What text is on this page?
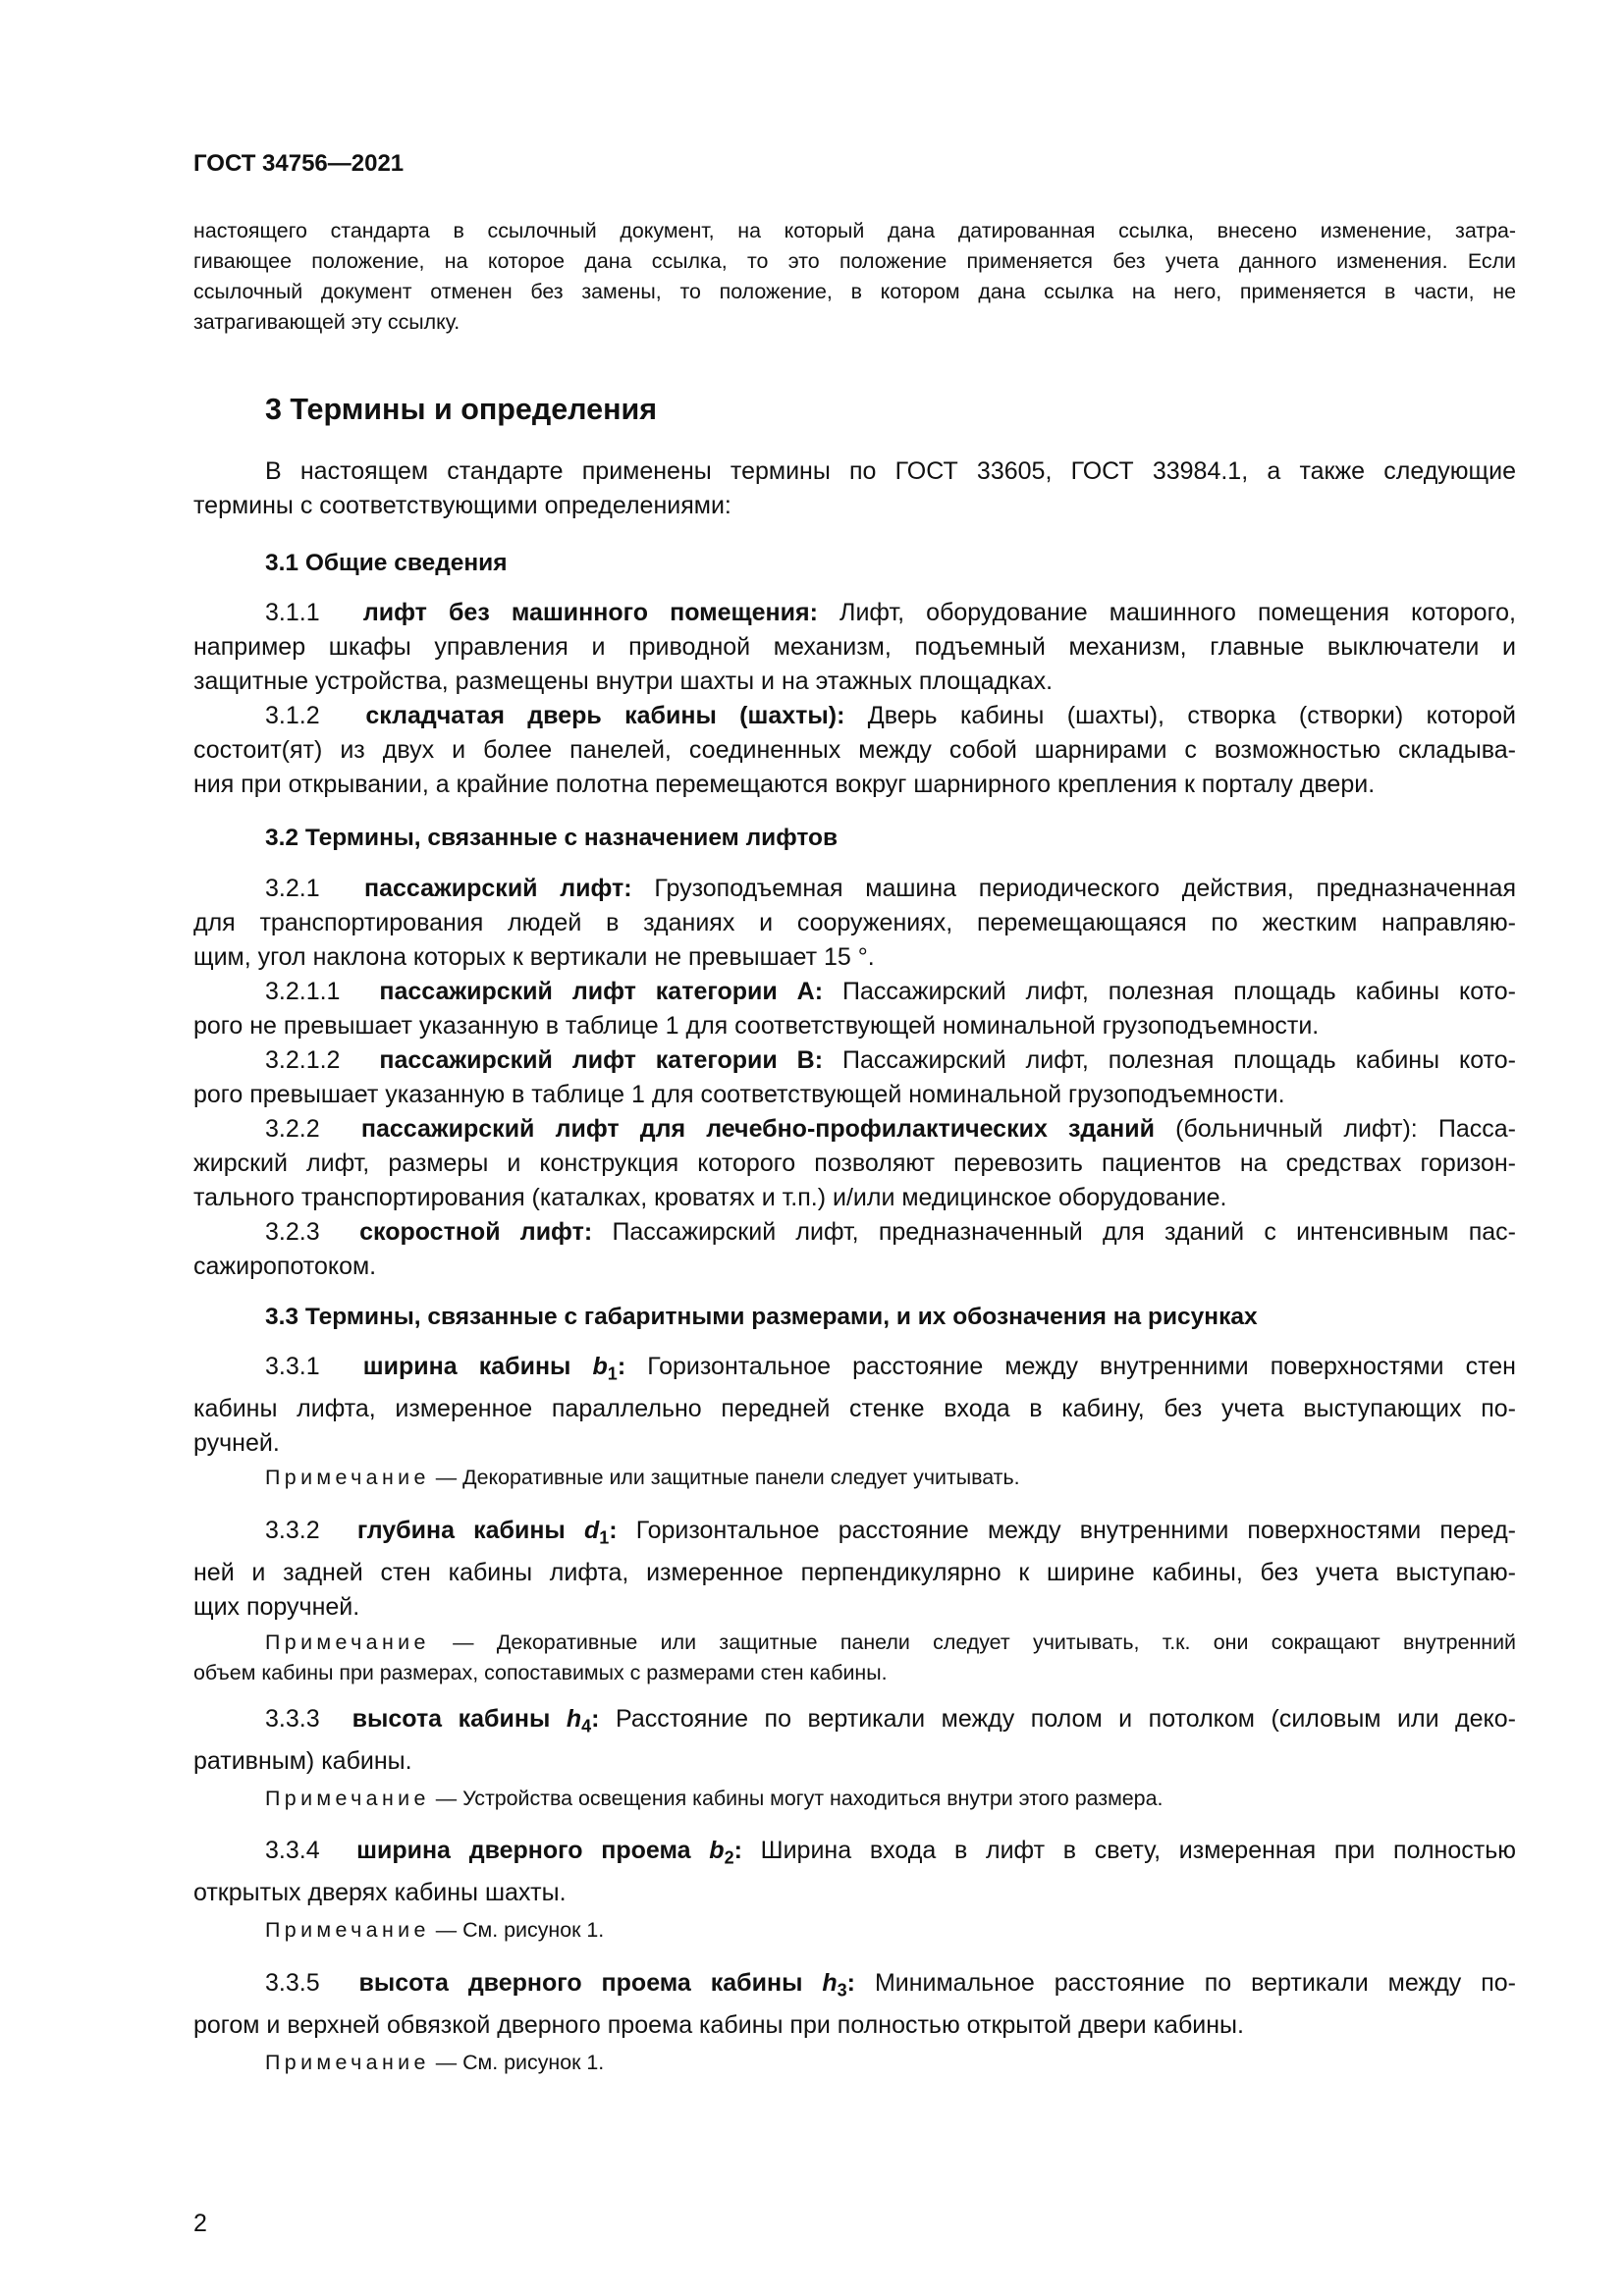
ГОСТ 34756—2021

настоящего стандарта в ссылочный документ, на который дана датированная ссылка, внесено изменение, затра-
гивающее положение, на которое дана ссылка, то это положение применяется без учета данного изменения. Если
ссылочный документ отменен без замены, то положение, в котором дана ссылка на него, применяется в части, не
затрагивающей эту ссылку.

3 Термины и определения

В настоящем стандарте применены термины по ГОСТ 33605, ГОСТ 33984.1, а также следующие
термины с соответствующими определениями:

3.1 Общие сведения

3.1.1 лифт без машинного помещения: Лифт, оборудование машинного помещения которого,
например шкафы управления и приводной механизм, подъемный механизм, главные выключатели и
защитные устройства, размещены внутри шахты и на этажных площадках.

3.1.2 складчатая дверь кабины (шахты): Дверь кабины (шахты), створка (створки) которой
состоит(ят) из двух и более панелей, соединенных между собой шарнирами с возможностью складыва-
ния при открывании, а крайние полотна перемещаются вокруг шарнирного крепления к порталу двери.

3.2 Термины, связанные с назначением лифтов

3.2.1 пассажирский лифт: Грузоподъемная машина периодического действия, предназначенная
для транспортирования людей в зданиях и сооружениях, перемещающаяся по жестким направляю-
щим, угол наклона которых к вертикали не превышает 15 °.

3.2.1.1 пассажирский лифт категории А: Пассажирский лифт, полезная площадь кабины кото-
рого не превышает указанную в таблице 1 для соответствующей номинальной грузоподъемности.

3.2.1.2 пассажирский лифт категории В: Пассажирский лифт, полезная площадь кабины кото-
рого превышает указанную в таблице 1 для соответствующей номинальной грузоподъемности.

3.2.2 пассажирский лифт для лечебно-профилактических зданий (больничный лифт): Пасса-
жирский лифт, размеры и конструкция которого позволяют перевозить пациентов на средствах горизон-
тального транспортирования (каталках, кроватях и т.п.) и/или медицинское оборудование.

3.2.3 скоростной лифт: Пассажирский лифт, предназначенный для зданий с интенсивным пас-
сажиропотоком.

3.3 Термины, связанные с габаритными размерами, и их обозначения на рисунках

3.3.1 ширина кабины $b_1$: Горизонтальное расстояние между внутренними поверхностями стен
кабины лифта, измеренное параллельно передней стенке входа в кабину, без учета выступающих по-
ручней.

Примечание — Декоративные или защитные панели следует учитывать.

3.3.2 глубина кабины $d_1$: Горизонтальное расстояние между внутренними поверхностями перед-
ней и задней стен кабины лифта, измеренное перпендикулярно к ширине кабины, без учета выступаю-
щих поручней.

Примечание — Декоративные или защитные панели следует учитывать, т.к. они сокращают внутренний
объем кабины при размерах, сопоставимых с размерами стен кабины.

3.3.3 высота кабины $h_4$: Расстояние по вертикали между полом и потолком (силовым или деко-
ративным) кабины.

Примечание — Устройства освещения кабины могут находиться внутри этого размера.

3.3.4 ширина дверного проема $b_2$: Ширина входа в лифт в свету, измеренная при полностью
открытых дверях кабины шахты.

Примечание — См. рисунок 1.

3.3.5 высота дверного проема кабины $h_3$: Минимальное расстояние по вертикали между по-
рогом и верхней обвязкой дверного проема кабины при полностью открытой двери кабины.

Примечание — См. рисунок 1.

2
